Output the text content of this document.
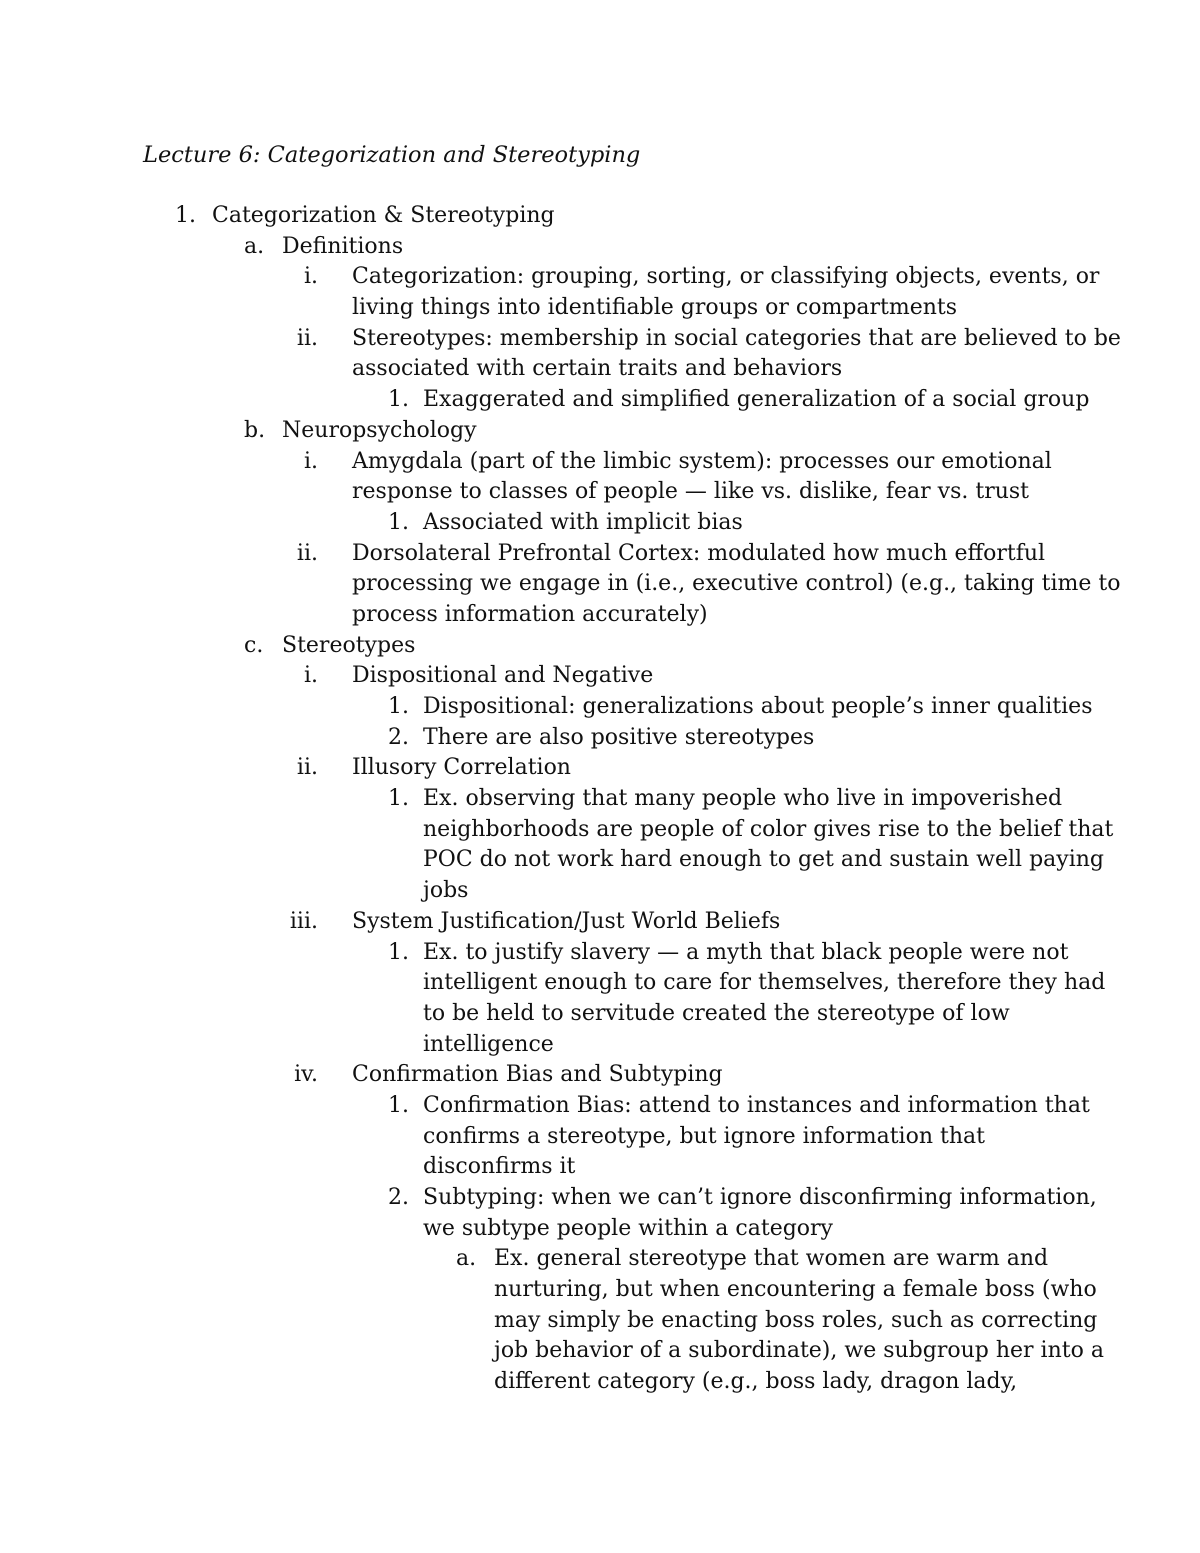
Lecture 6: Categorization and Stereotyping
1. Categorization & Stereotyping
a. Definitions
i. Categorization: grouping, sorting, or classifying objects, events, or
living things into identifiable groups or compartments
ii. Stereotypes: membership in social categories that are believed to be
associated with certain traits and behaviors
1. Exaggerated and simplified generalization of a social group
b. Neuropsychology
i. Amygdala (part of the limbic system): processes our emotional
response to classes of people — like vs. dislike, fear vs. trust
1. Associated with implicit bias
ii. Dorsolateral Prefrontal Cortex: modulated how much effortful
processing we engage in (i.e., executive control) (e.g., taking time to
process information accurately)
c. Stereotypes
i. Dispositional and Negative
1. Dispositional: generalizations about people’s inner qualities
2. There are also positive stereotypes
ii. Illusory Correlation
1. Ex. observing that many people who live in impoverished
neighborhoods are people of color gives rise to the belief that
POC do not work hard enough to get and sustain well paying
jobs
iii. System Justification/Just World Beliefs
1. Ex. to justify slavery — a myth that black people were not
intelligent enough to care for themselves, therefore they had
to be held to servitude created the stereotype of low
intelligence
iv. Confirmation Bias and Subtyping
1. Confirmation Bias: attend to instances and information that
confirms a stereotype, but ignore information that
disconfirms it
2. Subtyping: when we can’t ignore disconfirming information,
we subtype people within a category
a. Ex. general stereotype that women are warm and
nurturing, but when encountering a female boss (who
may simply be enacting boss roles, such as correcting
job behavior of a subordinate), we subgroup her into a
different category (e.g., boss lady, dragon lady,
